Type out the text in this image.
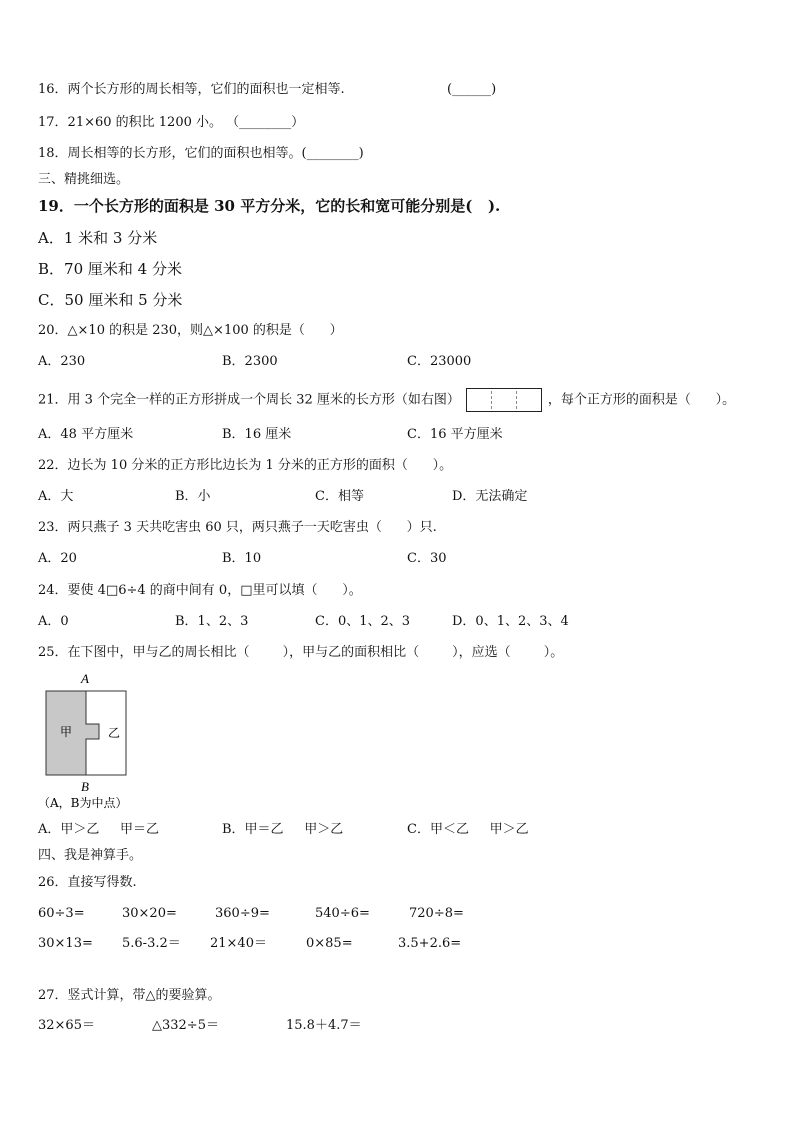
16．两个长方形的周长相等，它们的面积也一定相等.	(______)
17．21×60 的积比 1200 小。 （________）
18．周长相等的长方形，它们的面积也相等。(________)
三、精挑细选。
19．一个长方形的面积是 30 平方分米，它的长和宽可能分别是(   ).
A．1 米和 3 分米
B．70 厘米和 4 分米
C．50 厘米和 5 分米
20．△×10 的积是 230，则△×100 的积是（      ）
A．230	B．2300	C．23000
21．用 3 个完全一样的正方形拼成一个周长 32 厘米的长方形（如右图）	，每个正方形的面积是（      ）。
A．48 平方厘米	B．16 厘米	C．16 平方厘米
22．边长为 10 分米的正方形比边长为 1 分米的正方形的面积（      ）。
A．大	B．小	C．相等	D．无法确定
23．两只燕子 3 天共吃害虫 60 只，两只燕子一天吃害虫（      ）只.
A．20	B．10	C．30
24．要使 4□6÷4 的商中间有 0，□里可以填（      ）。
A．0	B．1、2、3	C．0、1、2、3	D．0、1、2、3、4
25．在下图中，甲与乙的周长相比（        ），甲与乙的面积相比（        ），应选（        ）。
A
B
甲	乙
（A，B为中点）
A．甲＞乙     甲＝乙	B．甲＝乙     甲＞乙	C．甲＜乙     甲＞乙
四、我是神算手。
26．直接写得数.
60÷3=	30×20=	360÷9=	540÷6=	720÷8=
30×13= 5.6-3.2＝ 21×40＝	0×85=	3.5+2.6=
27．竖式计算，带△的要验算。
32×65＝	△332÷5＝	15.8＋4.7＝
